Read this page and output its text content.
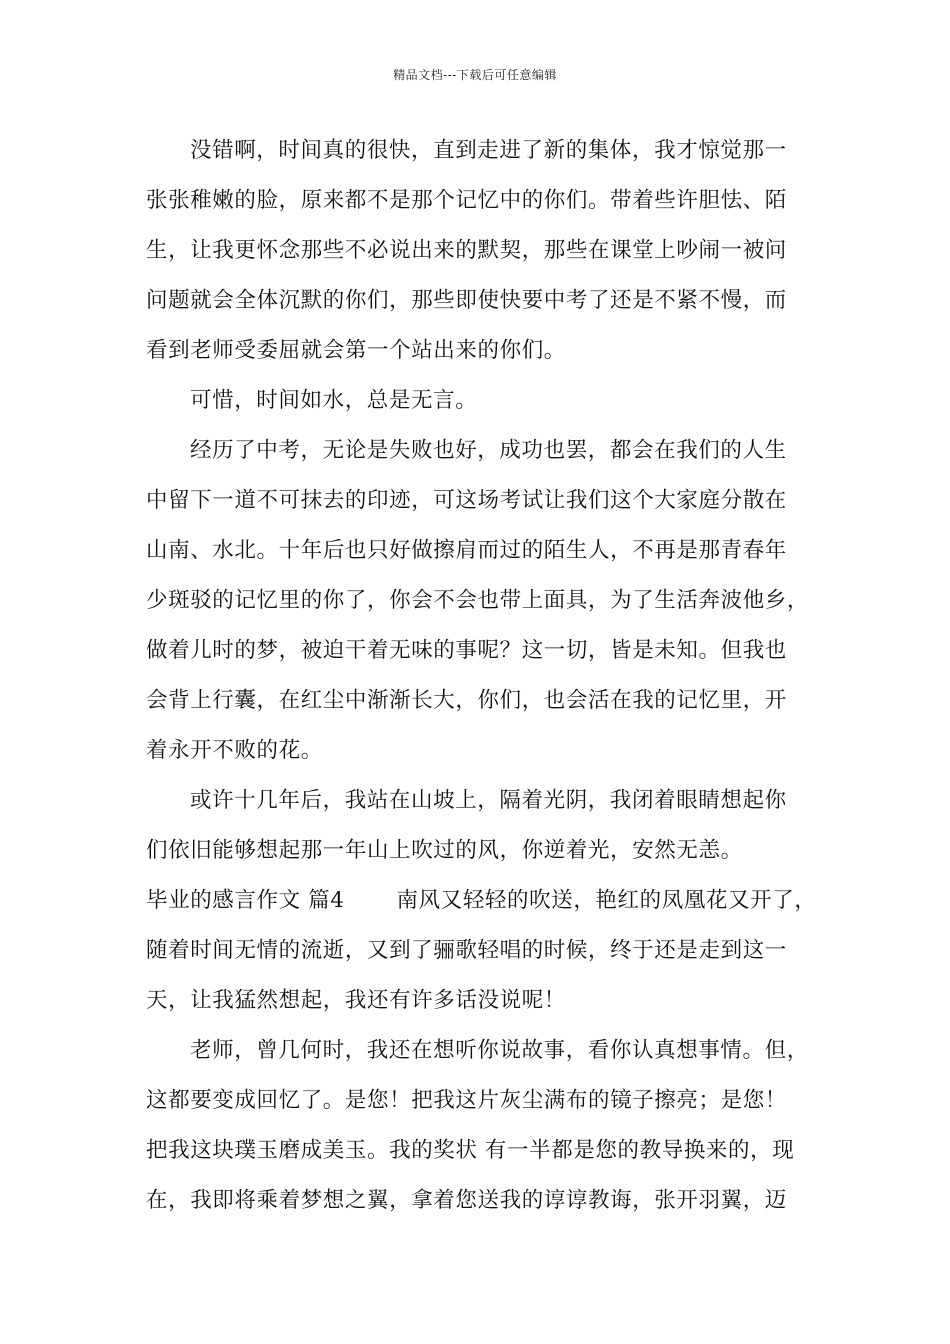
精品文档---下载后可任意编辑
没错啊，时间真的很快，直到走进了新的集体，我才惊觉那一
张张稚嫩的脸，原来都不是那个记忆中的你们。带着些许胆怯、陌
生，让我更怀念那些不必说出来的默契，那些在课堂上吵闹一被问
问题就会全体沉默的你们，那些即使快要中考了还是不紧不慢，而
看到老师受委屈就会第一个站出来的你们。
可惜，时间如水，总是无言。
经历了中考，无论是失败也好，成功也罢，都会在我们的人生
中留下一道不可抹去的印迹，可这场考试让我们这个大家庭分散在
山南、水北。十年后也只好做擦肩而过的陌生人，不再是那青春年
少斑驳的记忆里的你了，你会不会也带上面具，为了生活奔波他乡，
做着儿时的梦，被迫干着无味的事呢？这一切，皆是未知。但我也
会背上行囊，在红尘中渐渐长大，你们，也会活在我的记忆里，开
着永开不败的花。
或许十几年后，我站在山坡上，隔着光阴，我闭着眼睛想起你
们依旧能够想起那一年山上吹过的风，你逆着光，安然无恙。
毕业的感言作文 篇4 南风又轻轻的吹送，艳红的凤凰花又开了，
随着时间无情的流逝，又到了骊歌轻唱的时候，终于还是走到这一
天，让我猛然想起，我还有许多话没说呢！
老师，曾几何时，我还在想听你说故事，看你认真想事情。但，
这都要变成回忆了。是您！把我这片灰尘满布的镜子擦亮；是您！
把我这块璞玉磨成美玉。我的奖状 有一半都是您的教导换来的，现
在，我即将乘着梦想之翼，拿着您送我的谆谆教诲，张开羽翼，迈
